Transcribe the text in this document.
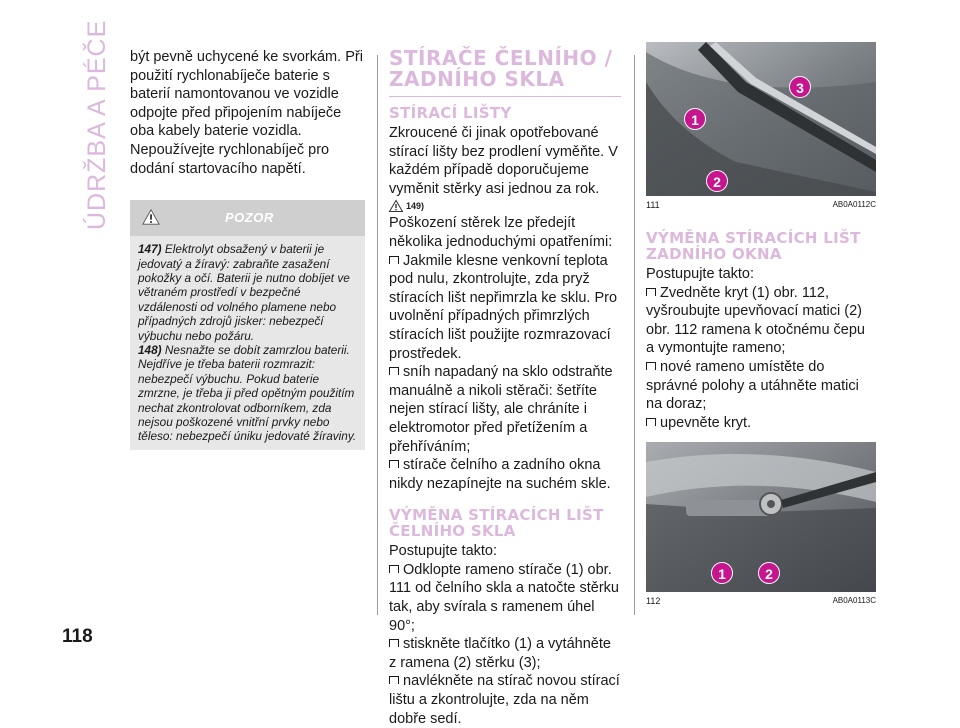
ÚDRŽBA A PÉČE
118

být pevně uchycené ke svorkám. Při použití rychlonabíječe baterie s baterií namontovanou ve vozidle odpojte před připojením nabíječe oba kabely baterie vozidla. Nepoužívejte rychlonabíječ pro dodání startovacího napětí.

POZOR
147) Elektrolyt obsažený v baterii je jedovatý a žíravý: zabraňte zasažení pokožky a očí. Baterii je nutno dobíjet ve větraném prostředí v bezpečné vzdálenosti od volného plamene nebo případných zdrojů jisker: nebezpečí výbuchu nebo požáru.
148) Nesnažte se dobít zamrzlou baterii. Nejdříve je třeba baterii rozmrazit: nebezpečí výbuchu. Pokud baterie zmrzne, je třeba ji před opětným použitím nechat zkontrolovat odborníkem, zda nejsou poškozené vnitřní prvky nebo těleso: nebezpečí úniku jedovaté žíraviny.
STÍRAČE ČELNÍHO / ZADNÍHO SKLA
STÍRACÍ LIŠTY

Zkroucené či jinak opotřebované stírací lišty bez prodlení vyměňte. V každém případě doporučujeme vyměnit stěrky asi jednou za rok.

149)

Poškození stěrek lze předejít několika jednoduchými opatřeními:

Jakmile klesne venkovní teplota pod nulu, zkontrolujte, zda pryž stíracích lišt nepřimrzla ke sklu. Pro uvolnění případných přimrzlých stíracích lišt použijte rozmrazovací prostředek.
sníh napadaný na sklo odstraňte manuálně a nikoli stěrači: šetříte nejen stírací lišty, ale chráníte i elektromotor před přetížením a přehříváním;
stírače čelního a zadního okna nikdy nezapínejte na suchém skle.
VÝMĚNA STÍRACÍCH LIŠT ČELNÍHO SKLA

Postupujte takto:

Odklopte rameno stírače (1) obr. 111 od čelního skla a natočte stěrku tak, aby svírala s ramenem úhel 90°;
stiskněte tlačítko (1) a vytáhněte z ramena (2) stěrku (3);
navlékněte na stírač novou stírací lištu a zkontrolujte, zda na něm dobře sedí.
1
2
3
111	AB0A0112C
VÝMĚNA STÍRACÍCH LIŠT ZADNÍHO OKNA

Postupujte takto:

Zvedněte kryt (1) obr. 112, vyšroubujte upevňovací matici (2) obr. 112 ramena k otočnému čepu a vymontujte rameno;
nové rameno umístěte do správné polohy a utáhněte matici na doraz;
upevněte kryt.
1	2
112	AB0A0113C
